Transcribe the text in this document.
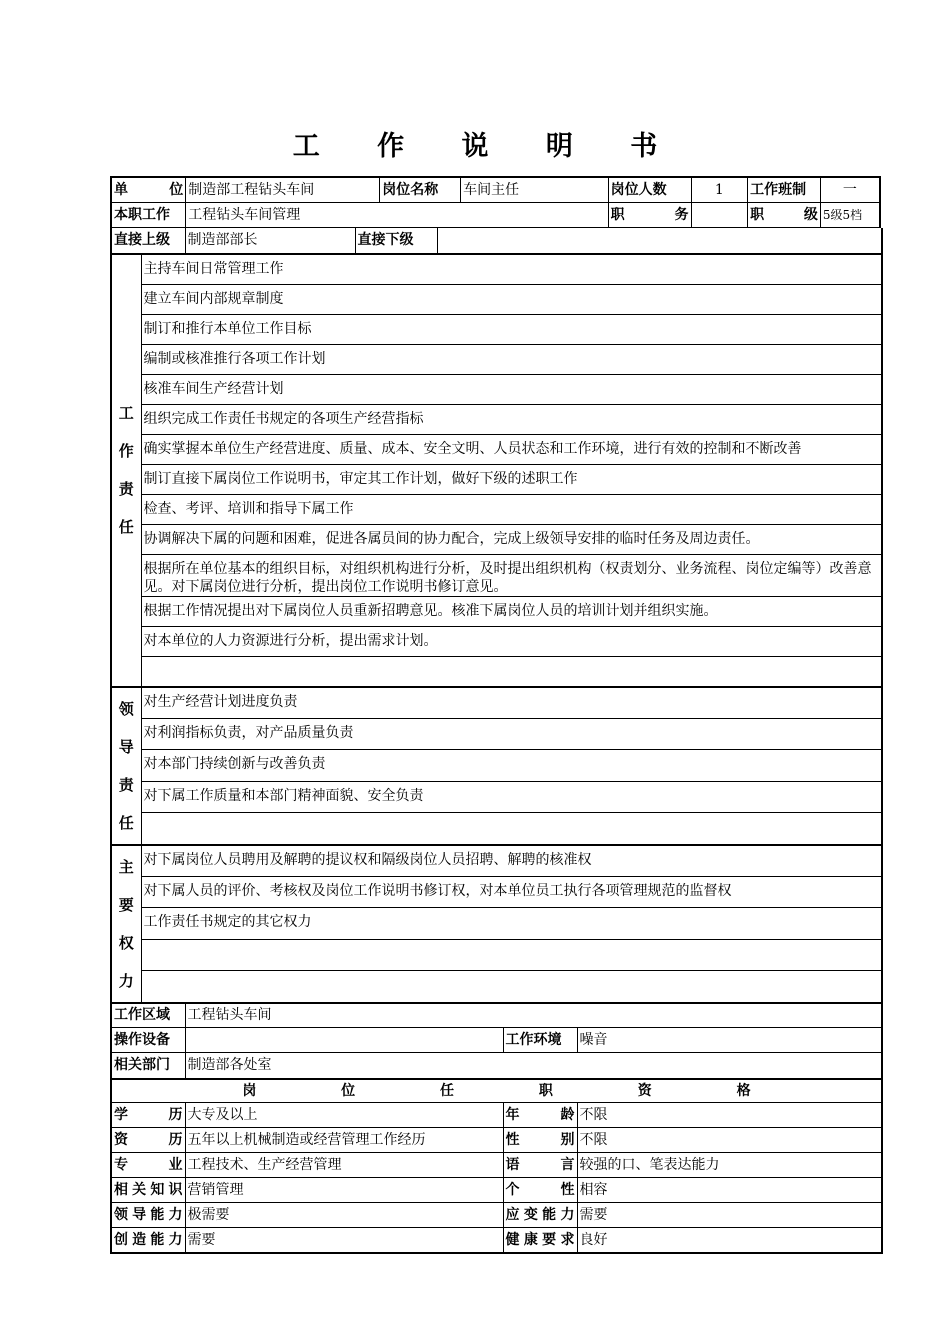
工 作 说 明 书
单　位	制造部工程钻头车间	岗位名称	车间主任	岗位人数	1	工作班制	一
本职工作	工程钻头车间管理			职　务		职　级	5级5档
直接上级	制造部部长	直接下级	
工
作
责
任
	主持车间日常管理工作
建立车间内部规章制度
制订和推行本单位工作目标
编制或核准推行各项工作计划
核准车间生产经营计划
组织完成工作责任书规定的各项生产经营指标
确实掌握本单位生产经营进度、质量、成本、安全文明、人员状态和工作环境，进行有效的控制和不断改善
制订直接下属岗位工作说明书，审定其工作计划，做好下级的述职工作
检查、考评、培训和指导下属工作
协调解决下属的问题和困难，促进各属员间的协力配合，完成上级领导安排的临时任务及周边责任。
根据所在单位基本的组织目标，对组织机构进行分析，及时提出组织机构（权责划分、业务流程、岗位定编等）改善意见。对下属岗位进行分析，提出岗位工作说明书修订意见。
根据工作情况提出对下属岗位人员重新招聘意见。核准下属岗位人员的培训计划并组织实施。
对本单位的人力资源进行分析，提出需求计划。

领
导
责
任
	对生产经营计划进度负责
对利润指标负责，对产品质量负责
对本部门持续创新与改善负责
对下属工作质量和本部门精神面貌、安全负责

主
要
权
力
	对下属岗位人员聘用及解聘的提议权和隔级岗位人员招聘、解聘的核准权
对下属人员的评价、考核权及岗位工作说明书修订权，对本单位员工执行各项管理规范的监督权
工作责任书规定的其它权力

工作区域	工程钻头车间		
操作设备		工作环境	噪音
相关部门	制造部各处室		
岗 位 任 职 资 格			
学　历	大专及以上	年　龄	不限
资　历	五年以上机械制造或经营管理工作经历	性　别	不限
专　业	工程技术、生产经营管理	语　言	较强的口、笔表达能力
相关知识	营销管理	个　性	相容
领导能力	极需要	应变能力	需要
创造能力	需要	健康要求	良好
